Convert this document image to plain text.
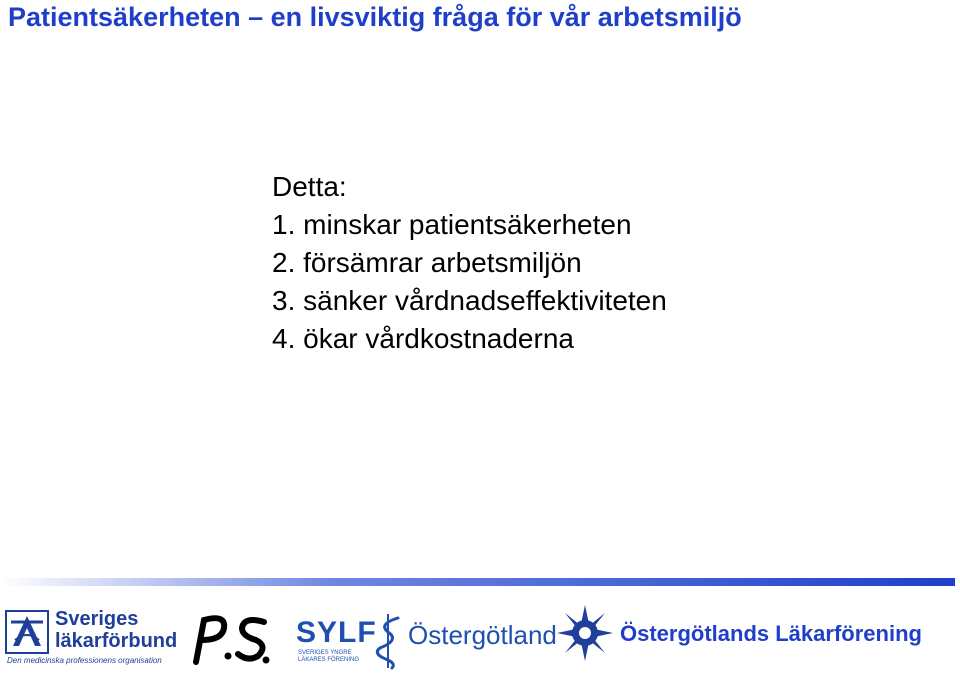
Patientsäkerheten – en livsviktig fråga för vår arbetsmiljö
Detta:
1. minskar patientsäkerheten
2. försämrar arbetsmiljön
3. sänker vårdnadseffektiviteten
4. ökar vårdkostnaderna
Sveriges
läkarförbund
Den medicinska professionens organisation
SYLF Östergötland
SVERIGES YNGRE
LÄKARES FÖRENING
Östergötlands Läkarförening
